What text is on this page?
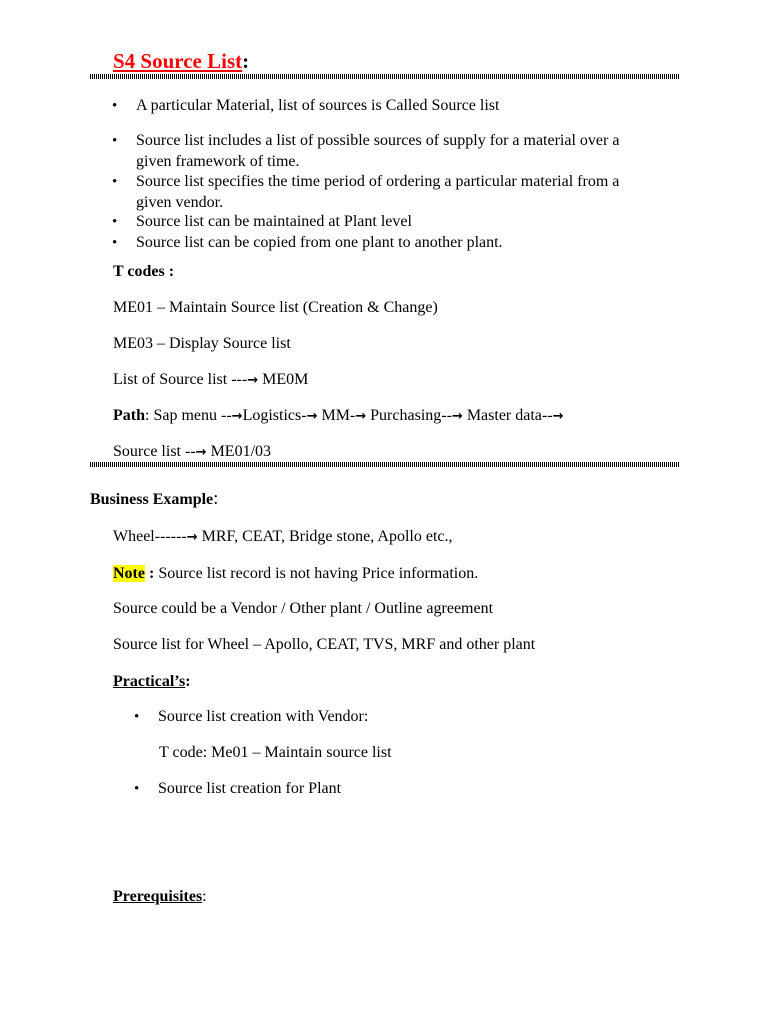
S4 Source List:
• A particular Material, list of sources is Called Source list
• Source list includes a list of possible sources of supply for a material over a
given framework of time.
• Source list specifies the time period of ordering a particular material from a
given vendor.
• Source list can be maintained at Plant level
• Source list can be copied from one plant to another plant.
T codes :
ME01 – Maintain Source list (Creation & Change)
ME03 – Display Source list
List of Source list ---→ ME0M
Path: Sap menu --→Logistics-→ MM-→ Purchasing--→ Master data--→
Source list --→ ME01/03
Business Example:
Wheel------→ MRF, CEAT, Bridge stone, Apollo etc.,
Note : Source list record is not having Price information.
Source could be a Vendor / Other plant / Outline agreement
Source list for Wheel – Apollo, CEAT, TVS, MRF and other plant
Practical’s:
• Source list creation with Vendor:
T code: Me01 – Maintain source list
• Source list creation for Plant
Prerequisites:
